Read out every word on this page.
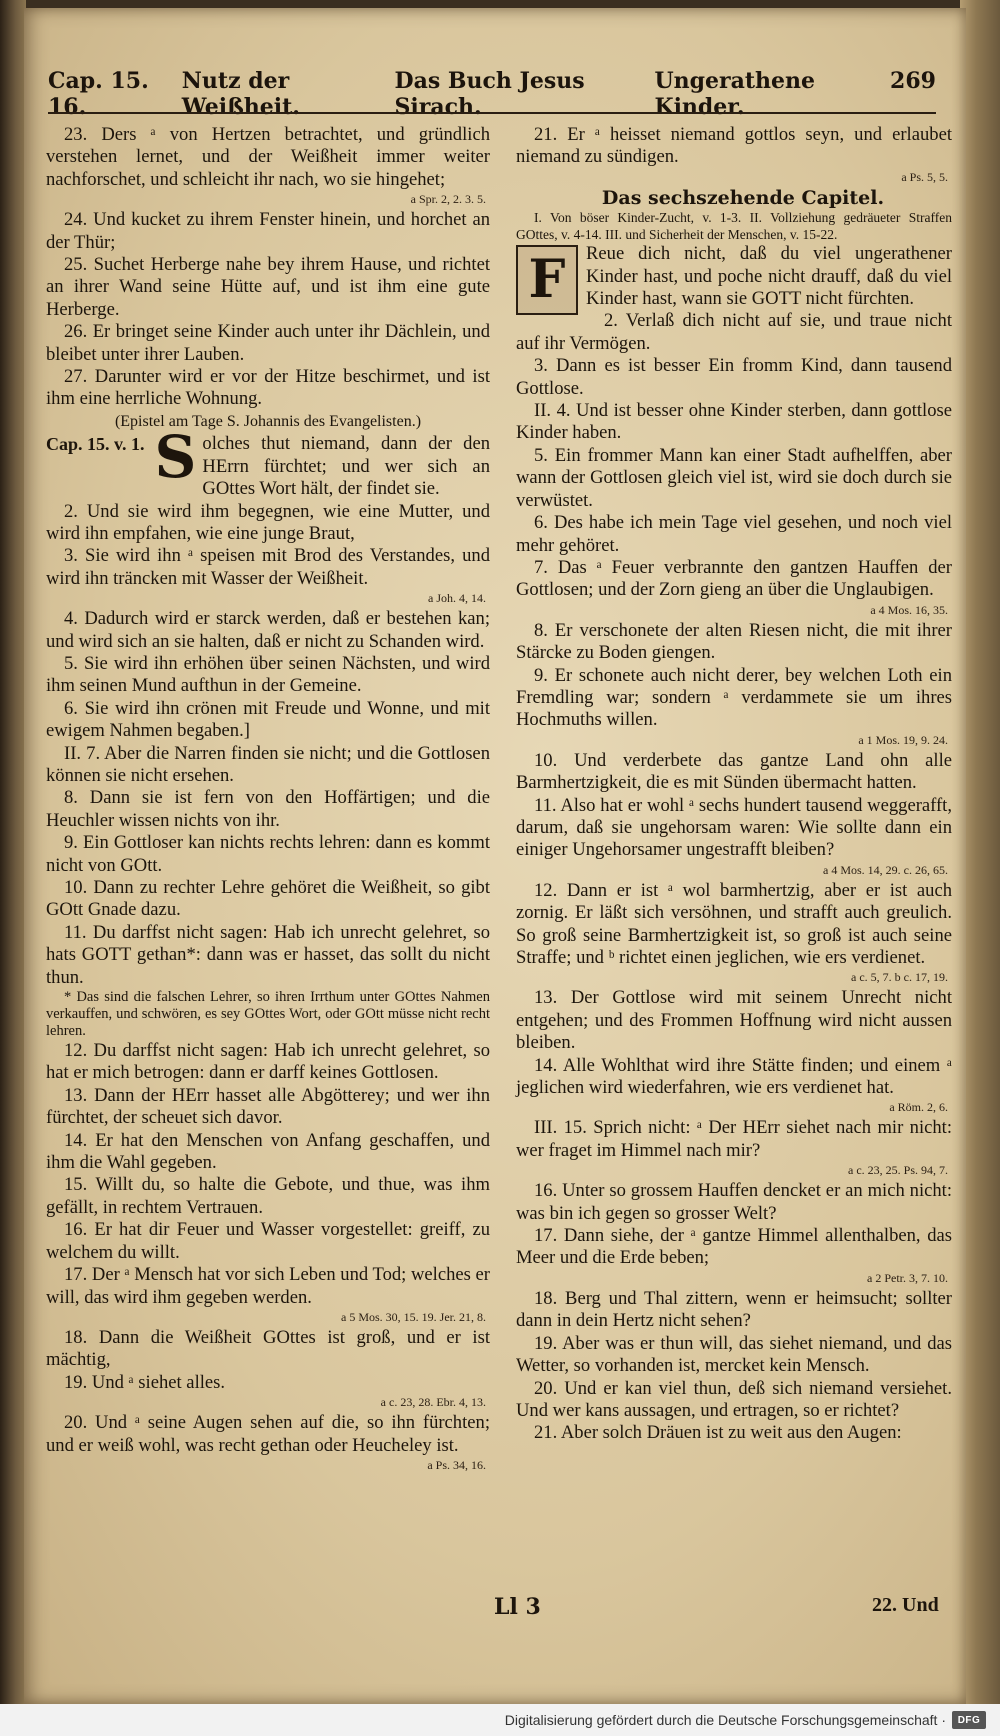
Cap. 15. 16.
Nutz der Weißheit.
Das Buch Jesus Sirach.
Ungerathene Kinder.
269

23. Ders ᵃ von Hertzen betrachtet, und gründlich verstehen lernet, und der Weißheit immer weiter nachforschet, und schleicht ihr nach, wo sie hingehet;
a Spr. 2, 2. 3. 5.

24. Und kucket zu ihrem Fenster hinein, und horchet an der Thür;

25. Suchet Herberge nahe bey ihrem Hause, und richtet an ihrer Wand seine Hütte auf, und ist ihm eine gute Herberge.

26. Er bringet seine Kinder auch unter ihr Dächlein, und bleibet unter ihrer Lauben.

27. Darunter wird er vor der Hitze beschirmet, und ist ihm eine herrliche Wohnung.

(Epistel am Tage S. Johannis des Evangelisten.)

Cap. 15. v. 1. Solches thut niemand, dann der den HErrn fürchtet; und wer sich an GOttes Wort hält, der findet sie.

2. Und sie wird ihm begegnen, wie eine Mutter, und wird ihn empfahen, wie eine junge Braut,

3. Sie wird ihn ᵃ speisen mit Brod des Verstandes, und wird ihn träncken mit Wasser der Weißheit.
a Joh. 4, 14.

4. Dadurch wird er starck werden, daß er bestehen kan; und wird sich an sie halten, daß er nicht zu Schanden wird.

5. Sie wird ihn erhöhen über seinen Nächsten, und wird ihm seinen Mund aufthun in der Gemeine.

6. Sie wird ihn crönen mit Freude und Wonne, und mit ewigem Nahmen begaben.]

II. 7. Aber die Narren finden sie nicht; und die Gottlosen können sie nicht ersehen.

8. Dann sie ist fern von den Hoffärtigen; und die Heuchler wissen nichts von ihr.

9. Ein Gottloser kan nichts rechts lehren: dann es kommt nicht von GOtt.

10. Dann zu rechter Lehre gehöret die Weißheit, so gibt GOtt Gnade dazu.

11. Du darffst nicht sagen: Hab ich unrecht gelehret, so hats GOTT gethan*: dann was er hasset, das sollt du nicht thun.

* Das sind die falschen Lehrer, so ihren Irrthum unter GOttes Nahmen verkauffen, und schwören, es sey GOttes Wort, oder GOtt müsse nicht recht lehren.

12. Du darffst nicht sagen: Hab ich unrecht gelehret, so hat er mich betrogen: dann er darff keines Gottlosen.

13. Dann der HErr hasset alle Abgötterey; und wer ihn fürchtet, der scheuet sich davor.

14. Er hat den Menschen von Anfang geschaffen, und ihm die Wahl gegeben.

15. Willt du, so halte die Gebote, und thue, was ihm gefällt, in rechtem Vertrauen.

16. Er hat dir Feuer und Wasser vorgestellet: greiff, zu welchem du willt.

17. Der ᵃ Mensch hat vor sich Leben und Tod; welches er will, das wird ihm gegeben werden.
a 5 Mos. 30, 15. 19. Jer. 21, 8.

18. Dann die Weißheit GOttes ist groß, und er ist mächtig,

19. Und ᵃ siehet alles.
a c. 23, 28. Ebr. 4, 13.

20. Und ᵃ seine Augen sehen auf die, so ihn fürchten; und er weiß wohl, was recht gethan oder Heucheley ist.
a Ps. 34, 16.

21. Er ᵃ heisset niemand gottlos seyn, und erlaubet niemand zu sündigen.
a Ps. 5, 5.

Das sechszehende Capitel.

I. Von böser Kinder-Zucht, v. 1-3. II. Vollziehung gedräueter Straffen GOttes, v. 4-14. III. und Sicherheit der Menschen, v. 15-22.

F	Reue dich nicht, daß du viel ungerathener Kinder hast, und poche nicht drauff, daß du viel Kinder hast, wann sie GOTT nicht fürchten.

2. Verlaß dich nicht auf sie, und traue nicht auf ihr Vermögen.

3. Dann es ist besser Ein fromm Kind, dann tausend Gottlose.

II. 4. Und ist besser ohne Kinder sterben, dann gottlose Kinder haben.

5. Ein frommer Mann kan einer Stadt aufhelffen, aber wann der Gottlosen gleich viel ist, wird sie doch durch sie verwüstet.

6. Des habe ich mein Tage viel gesehen, und noch viel mehr gehöret.

7. Das ᵃ Feuer verbrannte den gantzen Hauffen der Gottlosen; und der Zorn gieng an über die Unglaubigen.
a 4 Mos. 16, 35.

8. Er verschonete der alten Riesen nicht, die mit ihrer Stärcke zu Boden giengen.

9. Er schonete auch nicht derer, bey welchen Loth ein Fremdling war; sondern ᵃ verdammete sie um ihres Hochmuths willen.
a 1 Mos. 19, 9. 24.

10. Und verderbete das gantze Land ohn alle Barmhertzigkeit, die es mit Sünden übermacht hatten.

11. Also hat er wohl ᵃ sechs hundert tausend weggerafft, darum, daß sie ungehorsam waren: Wie sollte dann ein einiger Ungehorsamer ungestrafft bleiben?
a 4 Mos. 14, 29. c. 26, 65.

12. Dann er ist ᵃ wol barmhertzig, aber er ist auch zornig. Er läßt sich versöhnen, und strafft auch greulich. So groß seine Barmhertzigkeit ist, so groß ist auch seine Straffe; und ᵇ richtet einen jeglichen, wie ers verdienet.
a c. 5, 7. b c. 17, 19.

13. Der Gottlose wird mit seinem Unrecht nicht entgehen; und des Frommen Hoffnung wird nicht aussen bleiben.

14. Alle Wohlthat wird ihre Stätte finden; und einem ᵃ jeglichen wird wiederfahren, wie ers verdienet hat.
a Röm. 2, 6.

III. 15. Sprich nicht: ᵃ Der HErr siehet nach mir nicht: wer fraget im Himmel nach mir?
a c. 23, 25. Ps. 94, 7.

16. Unter so grossem Hauffen dencket er an mich nicht: was bin ich gegen so grosser Welt?

17. Dann siehe, der ᵃ gantze Himmel allenthalben, das Meer und die Erde beben;
a 2 Petr. 3, 7. 10.

18. Berg und Thal zittern, wenn er heimsucht; sollter dann in dein Hertz nicht sehen?

19. Aber was er thun will, das siehet niemand, und das Wetter, so vorhanden ist, mercket kein Mensch.

20. Und er kan viel thun, deß sich niemand versiehet. Und wer kans aussagen, und ertragen, so er richtet?

21. Aber solch Dräuen ist zu weit aus den Augen:

Ll 3	22. Und
Digitalisierung gefördert durch die Deutsche Forschungsgemeinschaft ·	DFG
